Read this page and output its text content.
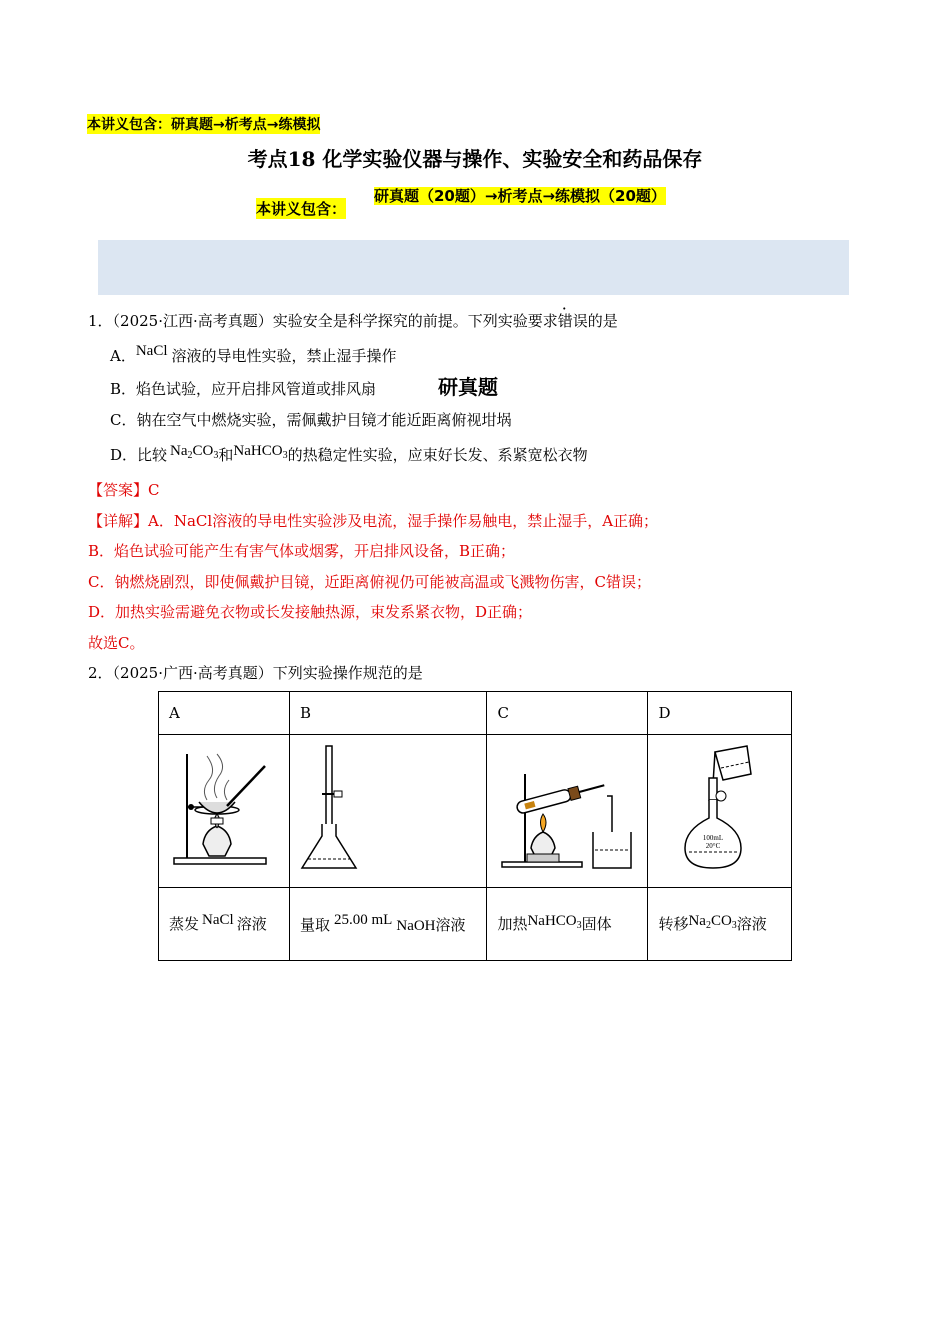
本讲义包含：研真题→析考点→练模拟
考点18 化学实验仪器与操作、实验安全和药品保存
本讲义包含：
研真题（20题）→析考点→练模拟（20题）
1．（2025·江西·高考真题）实验安全是科学探究的前提。下列实验要求错误的是
A．NaCl 溶液的导电性实验，禁止湿手操作
B．焰色试验，应开启排风管道或排风扇	研真题
C．钠在空气中燃烧实验，需佩戴护目镜才能近距离俯视坩埚
D．比较 $Na_2CO_3$和NaHCO$_3$的热稳定性实验，应束好长发、系紧宽松衣物
【答案】C
【详解】A．NaCl溶液的导电性实验涉及电流，湿手操作易触电，禁止湿手，A正确；
B．焰色试验可能产生有害气体或烟雾，开启排风设备，B正确；
C．钠燃烧剧烈，即使佩戴护目镜，近距离俯视仍可能被高温或飞溅物伤害，C错误；
D．加热实验需避免衣物或长发接触热源，束发系紧衣物，D正确；
故选C。
2．（2025·广西·高考真题）下列实验操作规范的是
A	B	C	D

100mL
20°C

蒸发 NaCl 溶液	量取 25.00 mL NaOH溶液	加热NaHCO$_3$固体	转移$Na_2CO_3$溶液
